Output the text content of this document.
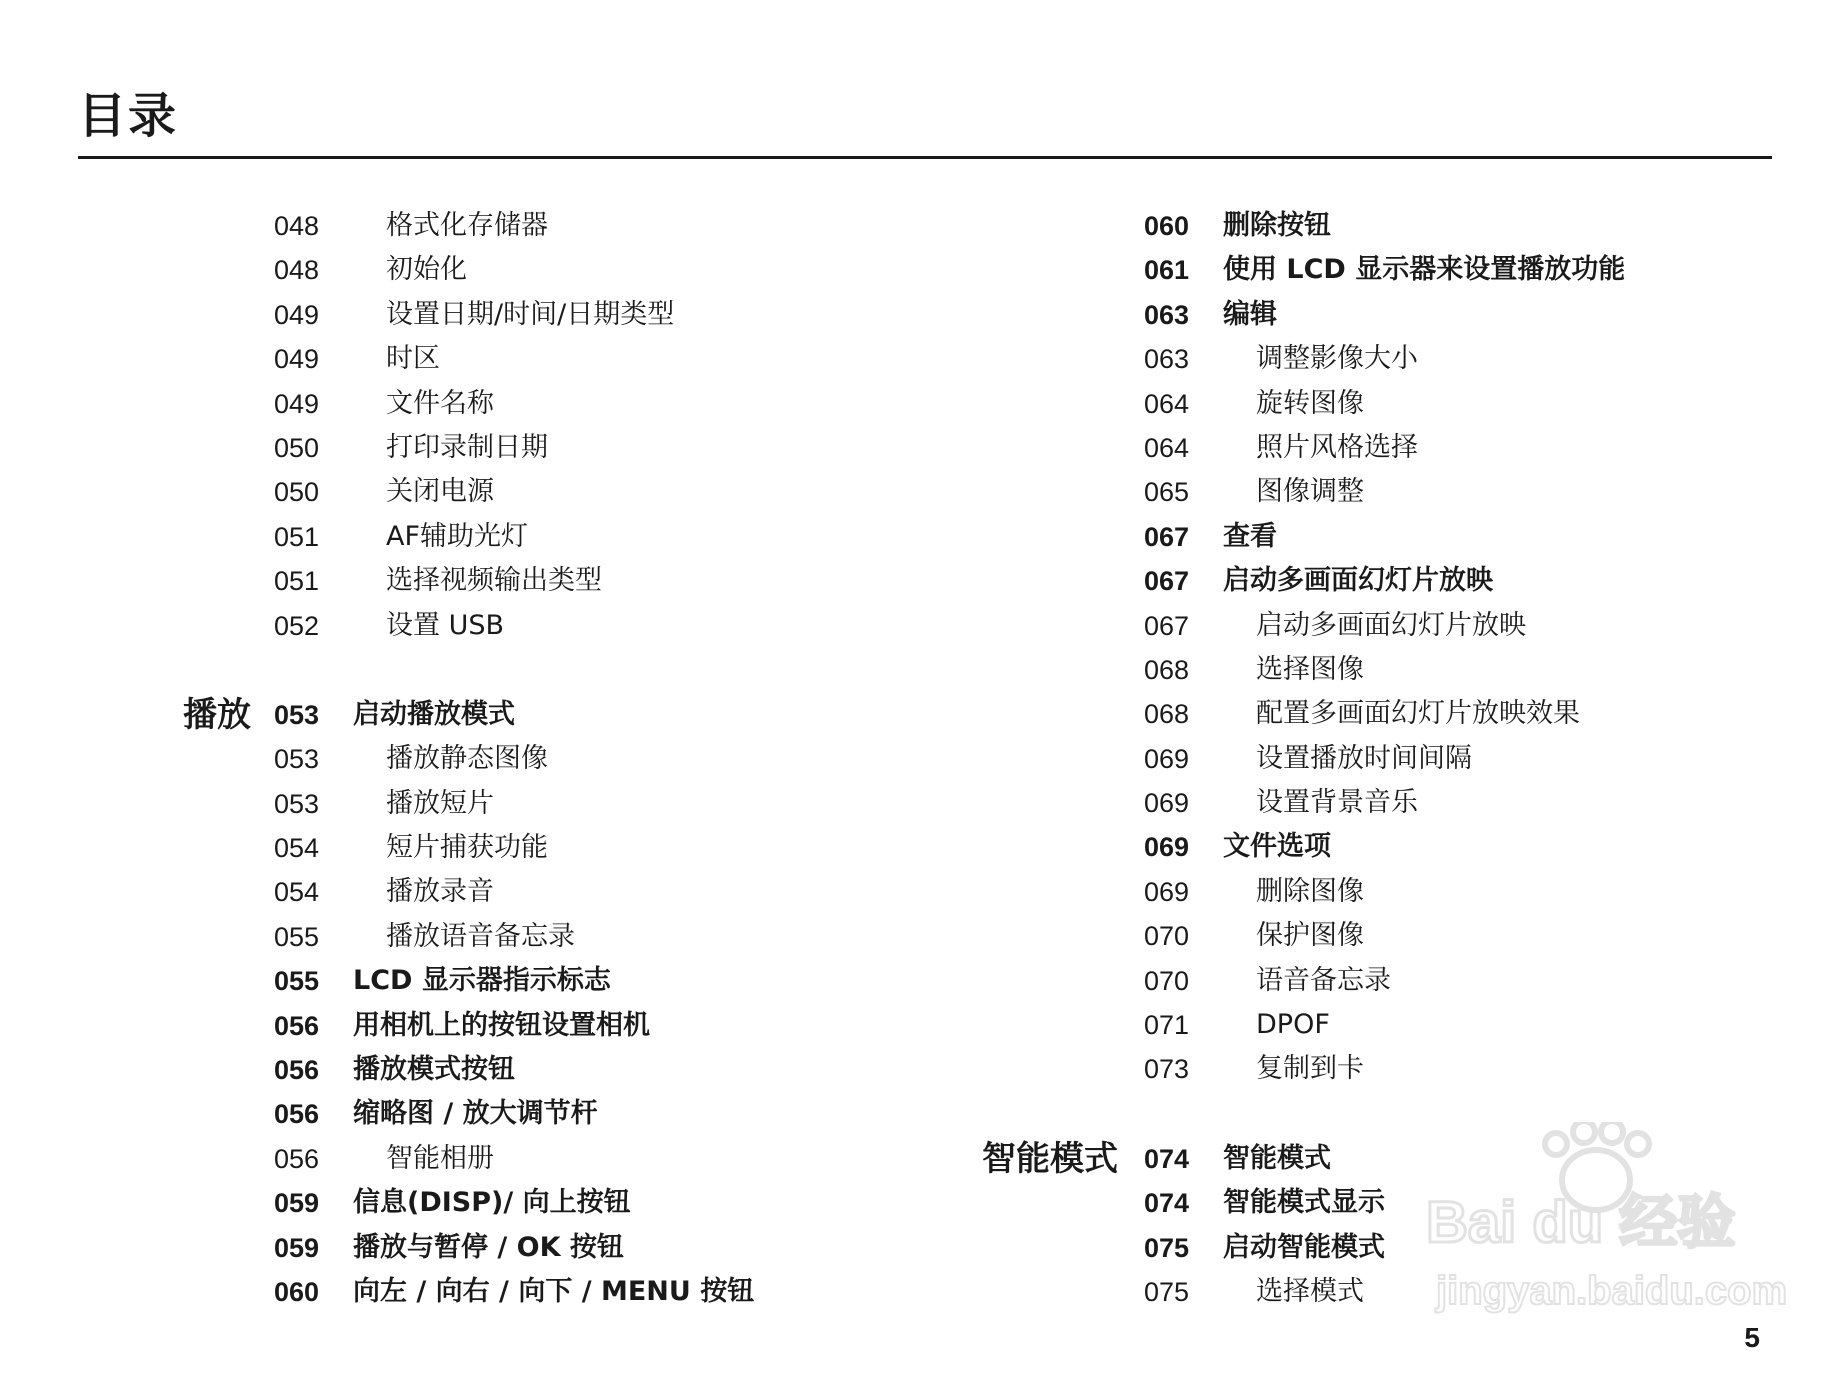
目录
048 格式化存储器
048 初始化
049 设置日期/时间/日期类型
049 时区
049 文件名称
050 打印录制日期
050 关闭电源
051 AF辅助光灯
051 选择视频输出类型
052 设置 USB
播放 053 启动播放模式
053 播放静态图像
053 播放短片
054 短片捕获功能
054 播放录音
055 播放语音备忘录
055 LCD 显示器指示标志
056 用相机上的按钮设置相机
056 播放模式按钮
056 缩略图 / 放大调节杆
056 智能相册
059 信息(DISP)/ 向上按钮
059 播放与暂停 / OK 按钮
060 向左 / 向右 / 向下 / MENU 按钮
060 删除按钮
061 使用 LCD 显示器来设置播放功能
063 编辑
063 调整影像大小
064 旋转图像
064 照片风格选择
065 图像调整
067 查看
067 启动多画面幻灯片放映
067 启动多画面幻灯片放映
068 选择图像
068 配置多画面幻灯片放映效果
069 设置播放时间间隔
069 设置背景音乐
069 文件选项
069 删除图像
070 保护图像
070 语音备忘录
071 DPOF
073 复制到卡
智能模式 074 智能模式
074 智能模式显示
075 启动智能模式
075 选择模式
5
Bai du 经验
jingyan.baidu.com
